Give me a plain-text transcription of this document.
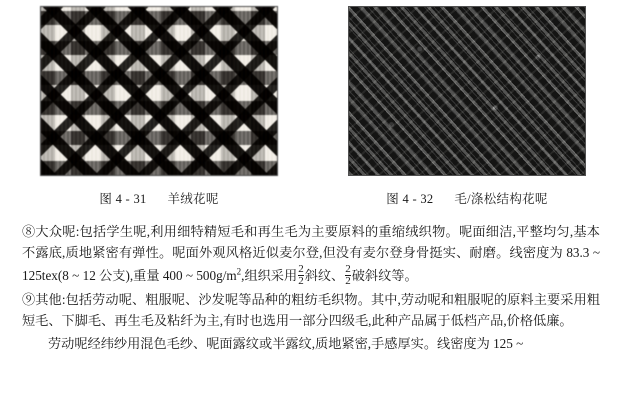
图 4 - 31 羊绒花呢	图 4 - 32 毛/涤松结构花呢

⑧大众呢:包括学生呢,利用细特精短毛和再生毛为主要原料的重缩绒织物。呢面细洁,平整均匀,基本不露底,质地紧密有弹性。呢面外观风格近似麦尔登,但没有麦尔登身骨挺实、耐磨。线密度为 83.3 ~ 125tex(8 ~ 12 公支),重量 400 ~ $500g/m^2$,组织采用 $\frac{2}{2}$ 斜纹、 $\frac{2}{2}$ 破斜纹等。

⑨其他:包括劳动呢、粗服呢、沙发呢等品种的粗纺毛织物。其中,劳动呢和粗服呢的原料主要采用粗短毛、下脚毛、再生毛及粘纤为主,有时也选用一部分四级毛,此种产品属于低档产品,价格低廉。

劳动呢经纬纱用混色毛纱、呢面露纹或半露纹,质地紧密,手感厚实。线密度为 125 ~
